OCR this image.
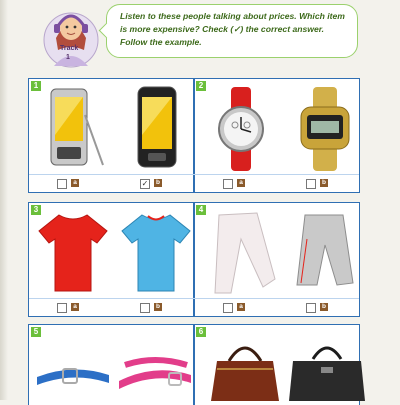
Track
1
Listen to these people talking about prices. Which item is more expensive? Check (✓) the correct answer. Follow the example.
1	2
a	✓	b	a	b
3	4
a	b	a	b
5	6
